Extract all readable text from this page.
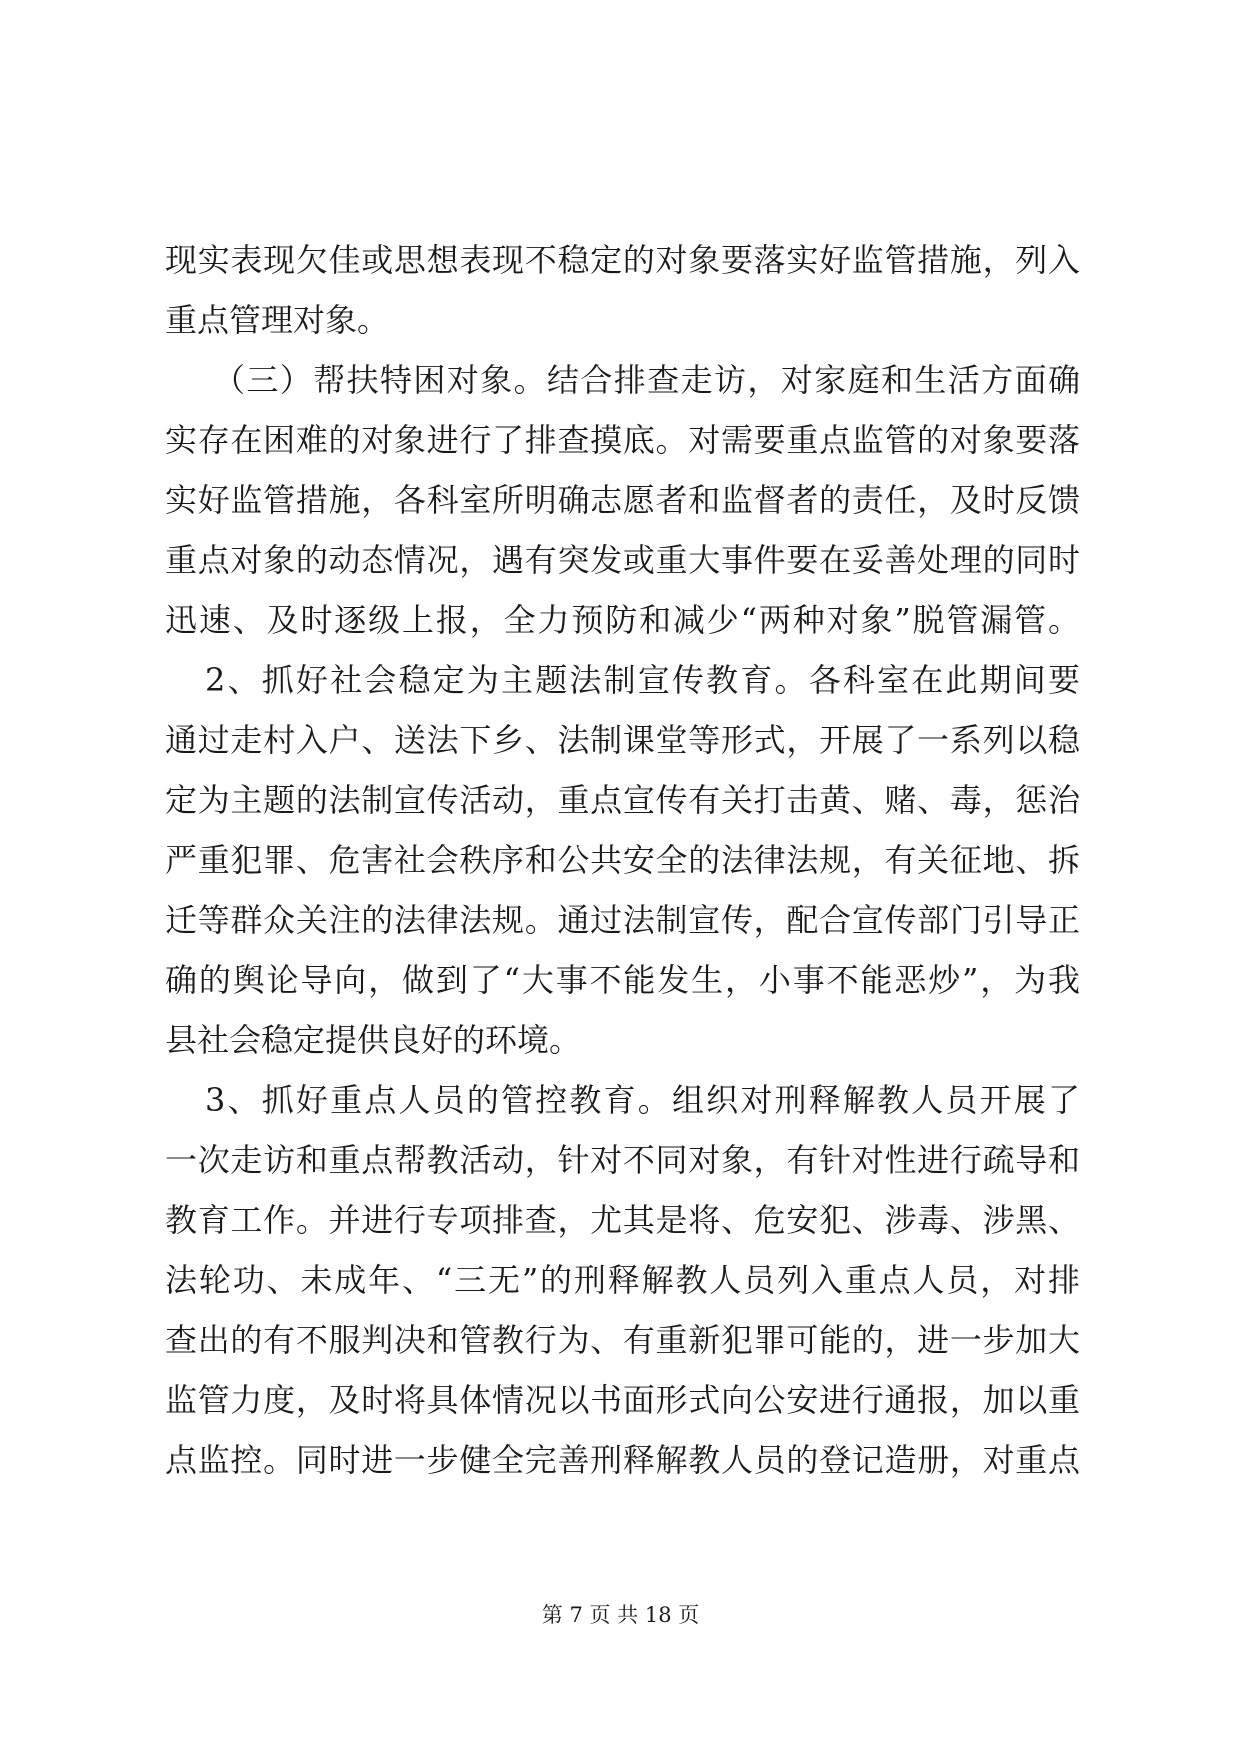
现实表现欠佳或思想表现不稳定的对象要落实好监管措施，列入
重点管理对象。
（三）帮扶特困对象。结合排查走访，对家庭和生活方面确
实存在困难的对象进行了排查摸底。对需要重点监管的对象要落
实好监管措施，各科室所明确志愿者和监督者的责任，及时反馈
重点对象的动态情况，遇有突发或重大事件要在妥善处理的同时
迅速、及时逐级上报，全力预防和减少“两种对象”脱管漏管。
2、抓好社会稳定为主题法制宣传教育。各科室在此期间要
通过走村入户、送法下乡、法制课堂等形式，开展了一系列以稳
定为主题的法制宣传活动，重点宣传有关打击黄、赌、毒，惩治
严重犯罪、危害社会秩序和公共安全的法律法规，有关征地、拆
迁等群众关注的法律法规。通过法制宣传，配合宣传部门引导正
确的舆论导向，做到了“大事不能发生，小事不能恶炒”，为我
县社会稳定提供良好的环境。
3、抓好重点人员的管控教育。组织对刑释解教人员开展了
一次走访和重点帮教活动，针对不同对象，有针对性进行疏导和
教育工作。并进行专项排查，尤其是将、危安犯、涉毒、涉黑、
法轮功、未成年、“三无”的刑释解教人员列入重点人员，对排
查出的有不服判决和管教行为、有重新犯罪可能的，进一步加大
监管力度，及时将具体情况以书面形式向公安进行通报，加以重
点监控。同时进一步健全完善刑释解教人员的登记造册，对重点
第 7 页 共 18 页
